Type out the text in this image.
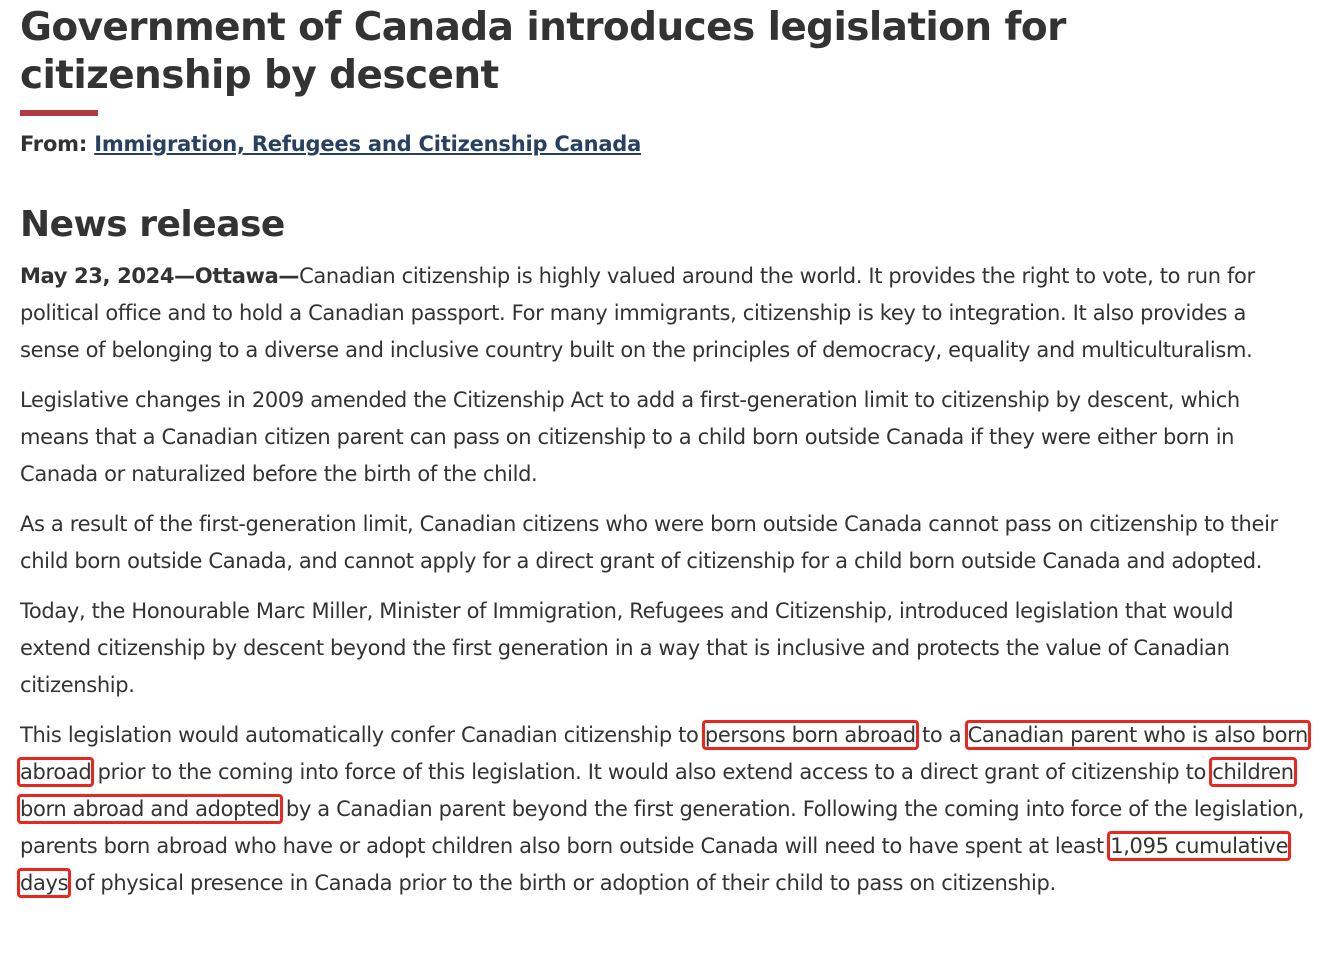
Government of Canada introduces legislation for citizenship by descent
From: Immigration, Refugees and Citizenship Canada
News release

May 23, 2024—Ottawa—Canadian citizenship is highly valued around the world. It provides the right to vote, to run for political office and to hold a Canadian passport. For many immigrants, citizenship is key to integration. It also provides a sense of belonging to a diverse and inclusive country built on the principles of democracy, equality and multiculturalism.

Legislative changes in 2009 amended the Citizenship Act to add a first-generation limit to citizenship by descent, which means that a Canadian citizen parent can pass on citizenship to a child born outside Canada if they were either born in Canada or naturalized before the birth of the child.

As a result of the first-generation limit, Canadian citizens who were born outside Canada cannot pass on citizenship to their child born outside Canada, and cannot apply for a direct grant of citizenship for a child born outside Canada and adopted.

Today, the Honourable Marc Miller, Minister of Immigration, Refugees and Citizenship, introduced legislation that would extend citizenship by descent beyond the first generation in a way that is inclusive and protects the value of Canadian citizenship.

This legislation would automatically confer Canadian citizenship to persons born abroad to a Canadian parent who is also born abroad prior to the coming into force of this legislation. It would also extend access to a direct grant of citizenship to children born abroad and adopted by a Canadian parent beyond the first generation. Following the coming into force of the legislation, parents born abroad who have or adopt children also born outside Canada will need to have spent at least 1,095 cumulative days of physical presence in Canada prior to the birth or adoption of their child to pass on citizenship.
